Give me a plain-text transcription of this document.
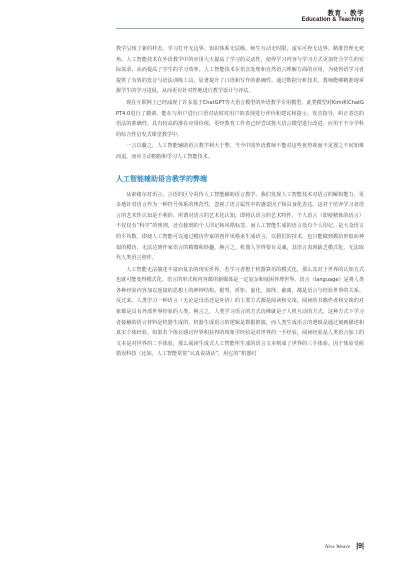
教育 · 教学
Education & Teaching

教学呈现了新的样态。学习打开无边界、知识体系无层级、师生互动无时限，虚实可拴无边界、精准管理无死角。人工智能技术在外语教学中的应用大大提高了学习的灵活性，使得学习内容与学习方式更加符合学生的实际需求。从而提高了学生的学习效率。人工智能技术在语音处理和自然语言理解方面的应用，为使得语学习者提供了有效的发音与语法训练工具，显著提升了口语和写作的准确性。通过数据分析技术，教师能够精准地掌握学生的学习进展，从而更有针对性地进行教学设计与评估。

现在互联网上已经涌现了许多基于ChatGPT等大语言模型的外语教学专用模型。此类模型对Kimi和ChatGPT4.0进行了微调，能在与用户进行口语对话时对用户的表现进行评价和建议和提示，发音指导，纠正表达的语法的准确性。具有较高的准在应用价值。更经教育工作者已经尝试将大语言模型进行改进，应用于不少学科的综合性启发式课堂教学中。

一言以蔽之，人工智能辅助语言教学利大于弊。当今中国外语教师不能对这些优势视而不见置之不问知难而退，而应主动拥抱和学习人工智能技术。

人工智能辅助语言教学的弊端

从索绪尔对语言、言语的区分看待人工智能辅助语言教学。我们发现人工智能技术对语言的解构能力，更多地针对语言作为一种符号体系的规范性，忽视了语言属性中的感觉因子和具身化表达。这对于培养学习者语言的艺术性认知是不利的。所谓对语言的艺术化认知，即将认语言的艺术特性，个人语言（即使精炼的语言）不仅仅有“科学”的规则，还有独到的个人印记和风格标签。而人工智能生成的语言没有个人印记，是大众语言的平均数。即使人工智能可以通过模仿作家的创作风格来生成语言，以假们的技术，也只能做到模仿形似而神似的模仿，无法达到作家语言的精微和妙趣。换言之，机器人学得要有灵魂，其语言表现缺乏模式化，无法取代人类语言创作。

人工智能无法描述丰富而复杂的现实世界。若学习者想于机器算语的模式化，那么其对于世界的认知方式也就可能变得模式化。语言的形式和内容都用新媒体是一定复杂和度困外理世界。语言（language）是将人类各种经验内容加以连接的思想上的神钟结构。据驾，折矩，虚化，演绎，截离，都是语言与经验世界的关系。反过来，人类学习一种语言（无论是母语还是外语）的主要方式都是阅读和交谈。阅读的书籍作者和交谈的对象都是具有外部世界经验的人类。换言之，人类学习语言的方式仿佛就是子人机互动的方式，这种方式下学习者接触的语言材料是机器生成的。机器生成语言的逻辑是数据推演，而人类生成语言的逻辑是通过刻画描述和真实个体经验。如果若个体在感官世界积获得的现象学经验是对世界的一手经验，阅读经验是人类语言加工的文本是对世界的二手体验，那么阅读生成式人工智能所生成的语言文本则成了世界的三手体验。因于体验受阻错误科技（比如，人工智能常常“认真说胡话”，用它的“机器幻

New Weave |9|
